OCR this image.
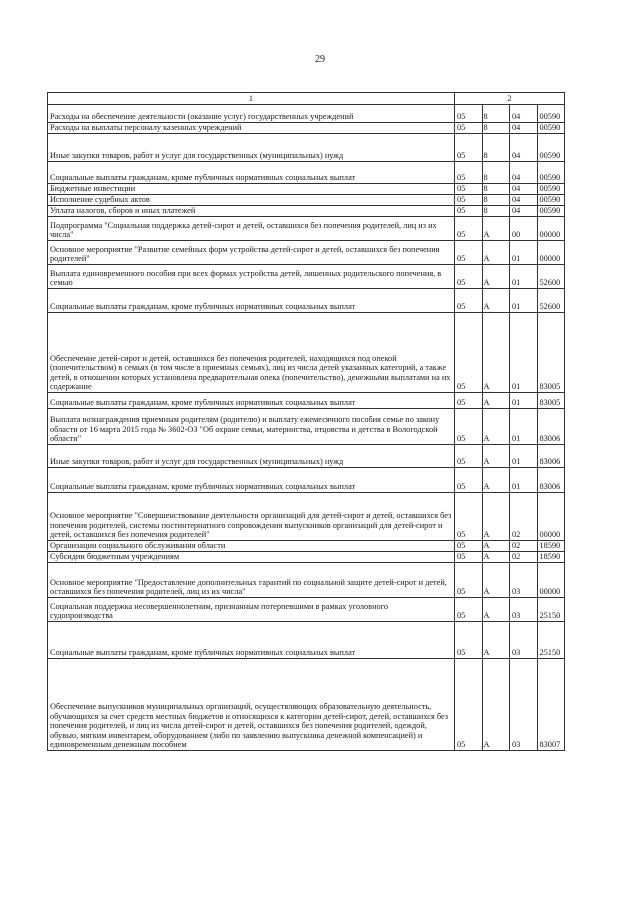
29
1	2			
Расходы на обеспечение деятельности (оказание услуг) государственных учреждений	05	8	04	00590
Расходы на выплаты персоналу казенных учреждений	05	8	04	00590
Иные закупки товаров, работ и услуг для государственных (муниципальных) нужд	05	8	04	00590
Социальные выплаты гражданам, кроме публичных нормативных социальных выплат	05	8	04	00590
Бюджетные инвестиции	05	8	04	00590
Исполнение судебных актов	05	8	04	00590
Уплата налогов, сборов и иных платежей	05	8	04	00590
Подпрограмма "Социальная поддержка детей-сирот и детей, оставшихся без попечения родителей, лиц из их числа"	05	А	00	00000
Основное мероприятие "Развитие семейных форм устройства детей-сирот и детей, оставшихся без попечения родителей"	05	А	01	00000
Выплата единовременного пособия при всех формах устройства детей, лишенных родительского попечения, в семью	05	А	01	52600
Социальные выплаты гражданам, кроме публичных нормативных социальных выплат	05	А	01	52600
Обеспечение детей-сирот и детей, оставшихся без попечения родителей, находящихся под опекой (попечительством) в семьях (в том числе в приемных семьях), лиц из числа детей указанных категорий, а также детей, в отношении которых установлена предварительная опека (попечительство), денежными выплатами на их содержание	05	А	01	83005
Социальные выплаты гражданам, кроме публичных нормативных социальных выплат	05	А	01	83005
Выплата вознаграждения приемным родителям (родителю) и выплату ежемесячного пособия семье по закону области от 16 марта 2015 года № 3602-ОЗ "Об охране семьи, материнства, отцовства и детства в Вологодской области"	05	А	01	83006
Иные закупки товаров, работ и услуг для государственных (муниципальных) нужд	05	А	01	83006
Социальные выплаты гражданам, кроме публичных нормативных социальных выплат	05	А	01	83006
Основное мероприятие "Совершенствование деятельности организаций для детей-сирот и детей, оставшихся без попечения родителей, системы постинтернатного сопровождения выпускников организаций для детей-сирот и детей, оставшихся без попечения родителей"	05	А	02	00000
Организации социального обслуживания области	05	А	02	18590
Субсидии бюджетным учреждениям	05	А	02	18590
Основное мероприятие "Предоставление дополнительных гарантий по социальной защите детей-сирот и детей, оставшихся без попечения родителей, лиц из их числа"	05	А	03	00000
Социальная поддержка несовершеннолетним, признанным потерпевшими в рамках уголовного судопроизводства	05	А	03	25150
Социальные выплаты гражданам, кроме публичных нормативных социальных выплат	05	А	03	25150
Обеспечение выпускников муниципальных организаций, осуществляющих образовательную деятельность, обучающихся за счет средств местных бюджетов и относящихся к категории детей-сирот, детей, оставшихся без попечения родителей, и лиц из числа детей-сирот и детей, оставшихся без попечения родителей, одеждой, обувью, мягким инвентарем, оборудованием (либо по заявлению выпускника денежной компенсацией) и единовременным денежным пособием	05	А	03	83007
